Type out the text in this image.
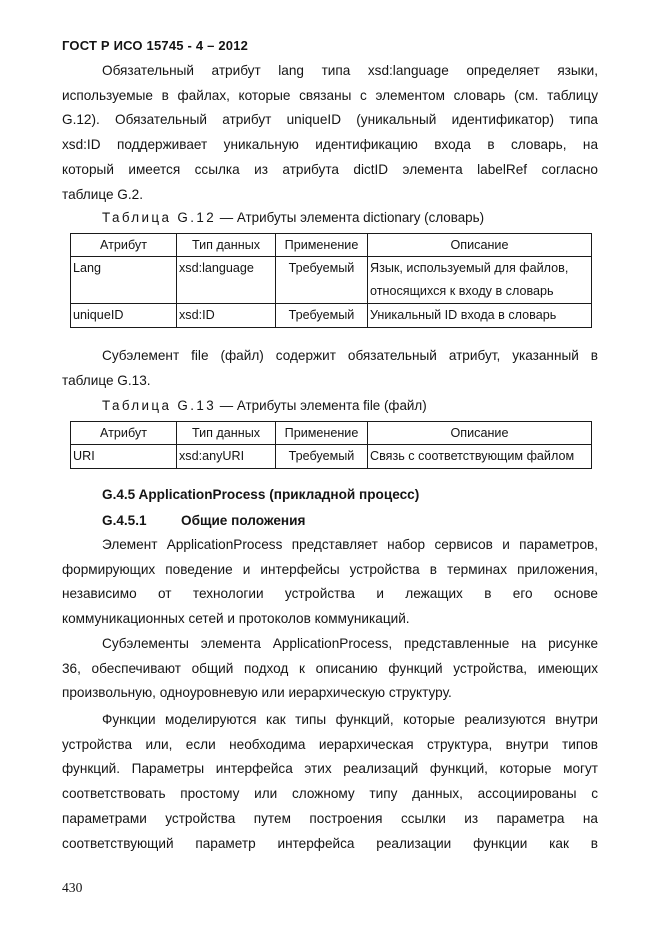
ГОСТ Р ИСО 15745 - 4 – 2012

Обязательный атрибут lang типа xsd:language определяет языки,
используемые в файлах, которые связаны с элементом словарь (см. таблицу
G.12). Обязательный атрибут uniqueID (уникальный идентификатор) типа
xsd:ID поддерживает уникальную идентификацию входа в словарь, на
который имеется ссылка из атрибута dictID элемента labelRef согласно
таблице G.2.

Таблица G.12 — Атрибуты элемента dictionary (словарь)
Атрибут	Тип данных	Применение	Описание
Lang	xsd:language	Требуемый	Язык, используемый для файлов,
относящихся к входу в словарь
uniqueID	xsd:ID	Требуемый	Уникальный ID входа в словарь

Субэлемент file (файл) содержит обязательный атрибут, указанный в
таблице G.13.

Таблица G.13 — Атрибуты элемента file (файл)
Атрибут	Тип данных	Применение	Описание
URI	xsd:anyURI	Требуемый	Связь с соответствующим файлом
G.4.5 ApplicationProcess (прикладной процесс)
G.4.5.1	Общие положения

Элемент ApplicationProcess представляет набор сервисов и параметров,
формирующих поведение и интерфейсы устройства в терминах приложения,
независимо от технологии устройства и лежащих в его основе
коммуникационных сетей и протоколов коммуникаций.

Субэлементы элемента ApplicationProcess, представленные на рисунке
36, обеспечивают общий подход к описанию функций устройства, имеющих
произвольную, одноуровневую или иерархическую структуру.

Функции моделируются как типы функций, которые реализуются внутри
устройства или, если необходима иерархическая структура, внутри типов
функций. Параметры интерфейса этих реализаций функций, которые могут
соответствовать простому или сложному типу данных, ассоциированы с
параметрами устройства путем построения ссылки из параметра на
соответствующий параметр интерфейса реализации функции как в

430
